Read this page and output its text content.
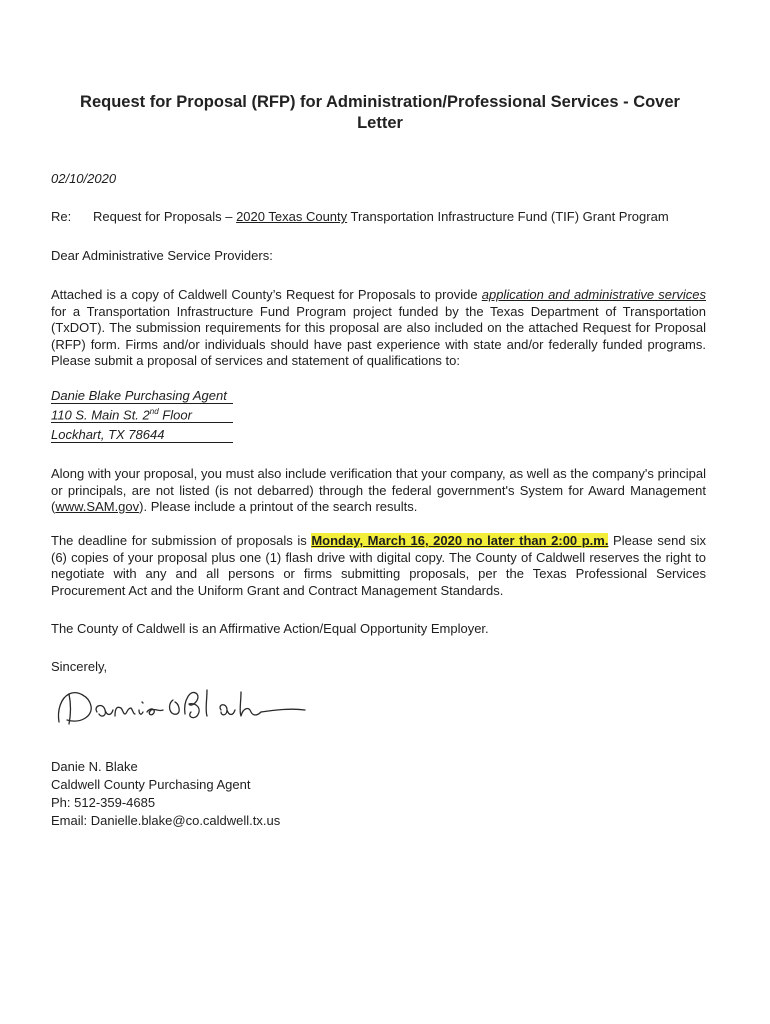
Request for Proposal (RFP) for Administration/Professional Services - Cover Letter
02/10/2020
Re: Request for Proposals – 2020 Texas County Transportation Infrastructure Fund (TIF) Grant Program
Dear Administrative Service Providers:
Attached is a copy of Caldwell County’s Request for Proposals to provide application and administrative services for a Transportation Infrastructure Fund Program project funded by the Texas Department of Transportation (TxDOT). The submission requirements for this proposal are also included on the attached Request for Proposal (RFP) form. Firms and/or individuals should have past experience with state and/or federally funded programs. Please submit a proposal of services and statement of qualifications to:
Danie Blake Purchasing Agent
110 S. Main St. 2nd Floor
Lockhart, TX 78644
Along with your proposal, you must also include verification that your company, as well as the company's principal or principals, are not listed (is not debarred) through the federal government's System for Award Management (www.SAM.gov). Please include a printout of the search results.
The deadline for submission of proposals is Monday, March 16, 2020 no later than 2:00 p.m. Please send six (6) copies of your proposal plus one (1) flash drive with digital copy. The County of Caldwell reserves the right to negotiate with any and all persons or firms submitting proposals, per the Texas Professional Services Procurement Act and the Uniform Grant and Contract Management Standards.
The County of Caldwell is an Affirmative Action/Equal Opportunity Employer.
Sincerely,
Danie N. Blake
Caldwell County Purchasing Agent
Ph: 512-359-4685
Email: Danielle.blake@co.caldwell.tx.us
